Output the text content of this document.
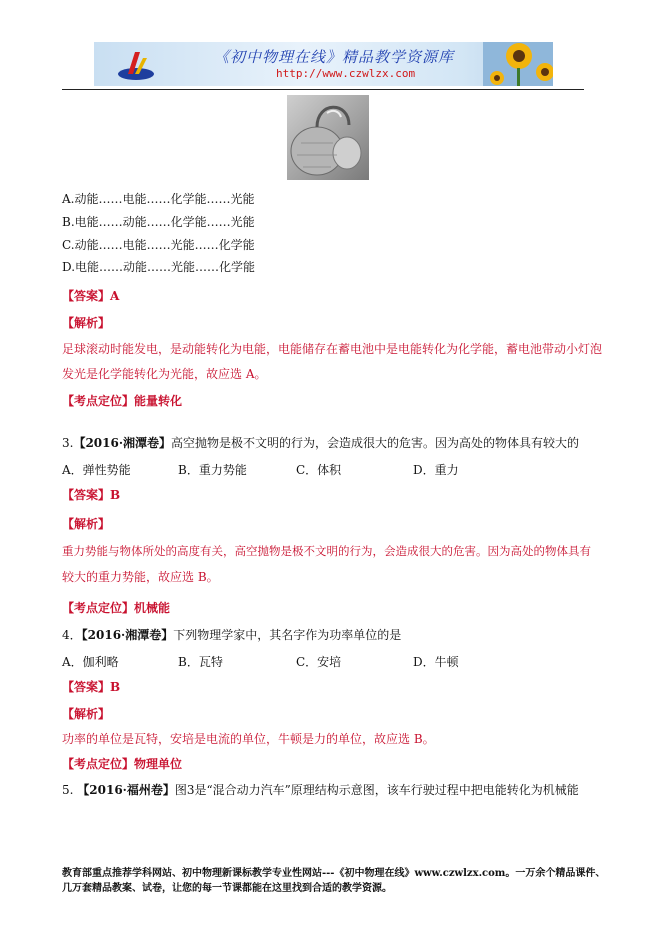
《初中物理在线》精品教学资源库
http://www.czwlzx.com
A.动能……电能……化学能……光能
B.电能……动能……化学能……光能
C.动能……电能……光能……化学能
D.电能……动能……光能……化学能
【答案】A
【解析】
足球滚动时能发电，是动能转化为电能，电能储存在蓄电池中是电能转化为化学能，蓄电池带动小灯泡
发光是化学能转化为光能，故应选 A。
【考点定位】能量转化
3.【2016·湘潭卷】高空抛物是极不文明的行为，会造成很大的危害。因为高处的物体具有较大的
A．弹性势能	B．重力势能	C．体积	D．重力
【答案】B
【解析】
重力势能与物体所处的高度有关，高空抛物是极不文明的行为，会造成很大的危害。因为高处的物体具有
较大的重力势能，故应选 B。
【考点定位】机械能
4．【2016·湘潭卷】下列物理学家中，其名字作为功率单位的是
A．伽利略	B．瓦特	C．安培	D．牛顿
【答案】B
【解析】
功率的单位是瓦特，安培是电流的单位，牛顿是力的单位，故应选 B。
【考点定位】物理单位
5. 【2016·福州卷】图3是“混合动力汽车”原理结构示意图，该车行驶过程中把电能转化为机械能
教育部重点推荐学科网站、初中物理新课标教学专业性网站---《初中物理在线》www.czwlzx.com。一万余个精品课件、
几万套精品教案、试卷，让您的每一节课都能在这里找到合适的教学资源。
